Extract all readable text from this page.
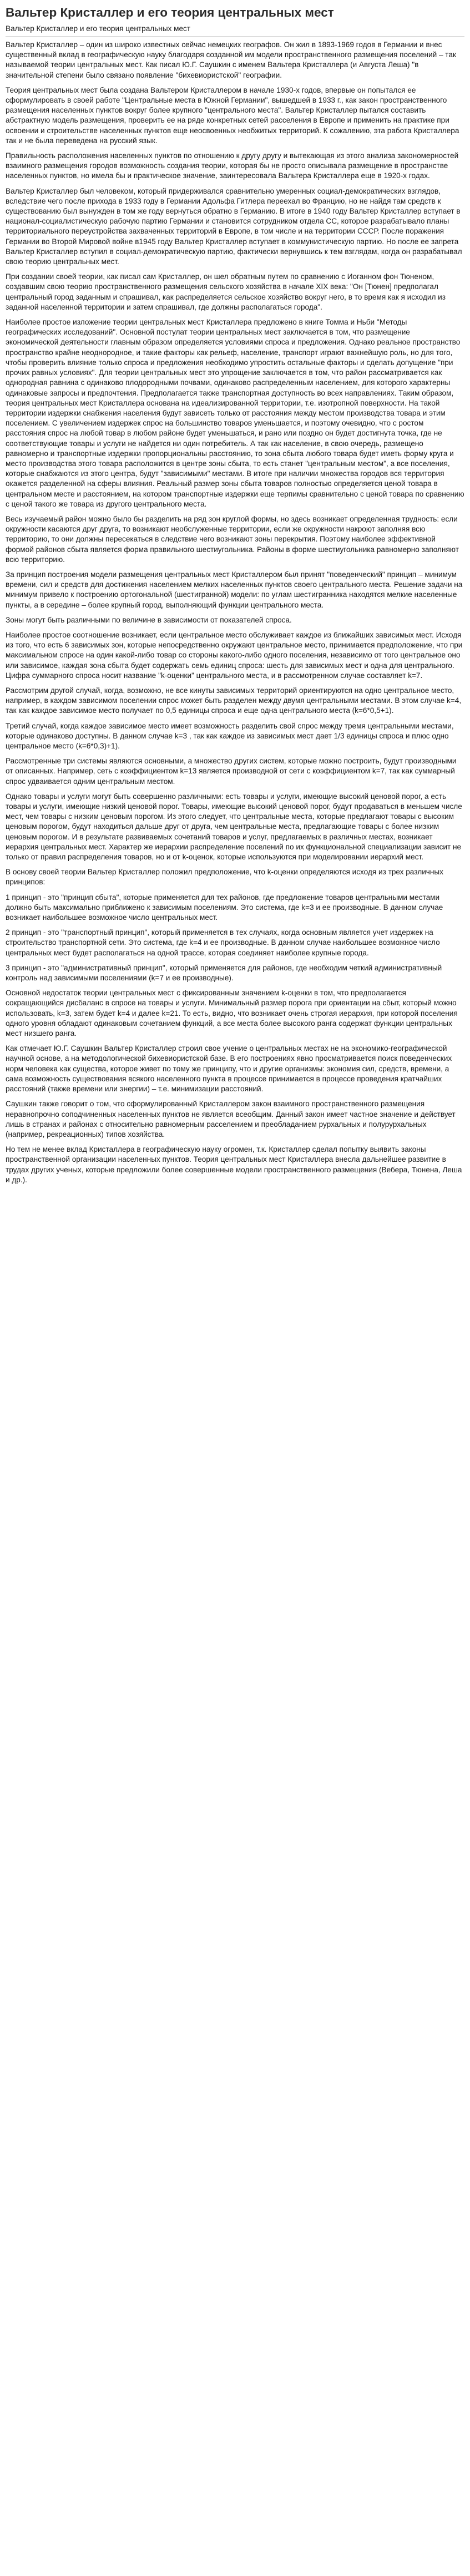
Вальтер Кристаллер и его теория центральных мест
Вальтер Кристаллер и его теория центральных мест

Вальтер Кристаллер – один из широко известных сейчас немецких географов. Он жил в 1893-1969 годов в Германии и внес существенный вклад в географическую науку благодаря созданной им модели пространственного размещения поселений – так называемой теории центральных мест. Как писал Ю.Г. Саушкин с именем Вальтера Кристаллера (и Августа Леша) "в значительной степени было связано появление "бихевиористской" географии.

Теория центральных мест была создана Вальтером Кристаллером в начале 1930-х годов, впервые он попытался ее сформулировать в своей работе "Центральные места в Южной Германии", вышедшей в 1933 г., как закон пространственного размещения населенных пунктов вокруг более крупного "центрального места". Вальтер Кристаллер пытался составить абстрактную модель размещения, проверить ее на ряде конкретных сетей расселения в Европе и применить на практике при освоении и строительстве населенных пунктов еще неосвоенных необжитых территорий. К сожалению, эта работа Кристаллера так и не была переведена на русский язык.

Правильность расположения населенных пунктов по отношению к другу другу и вытекающая из этого анализа закономерностей взаимного размещения городов возможность создания теории, которая бы не просто описывала размещение в пространстве населенных пунктов, но имела бы и практическое значение, заинтересовала Вальтера Кристаллера еще в 1920-х годах.

Вальтер Кристаллер был человеком, который придерживался сравнительно умеренных социал-демократических взглядов, вследствие чего после прихода в 1933 году в Германии Адольфа Гитлера переехал во Францию, но не найдя там средств к существованию был вынужден в том же году вернуться обратно в Германию. В итоге в 1940 году Вальтер Кристаллер вступает в национал-социалистическую рабочую партию Германии и становится сотрудником отдела СС, которое разрабатывало планы территориального переустройства захваченных территорий в Европе, в том числе и на территории СССР. После поражения Германии во Второй Мировой войне в1945 году Вальтер Кристаллер вступает в коммунистическую партию. Но после ее запрета Вальтер Кристаллер вступил в социал-демократическую партию, фактически вернувшись к тем взглядам, когда он разрабатывал свою теорию центральных мест.

При создании своей теории, как писал сам Кристаллер, он шел обратным путем по сравнению с Иоганном фон Тюненом, создавшим свою теорию пространственного размещения сельского хозяйства в начале XIX века: "Он [Тюнен] предполагал центральный город заданным и спрашивал, как распределяется сельское хозяйство вокруг него, в то время как я исходил из заданной населенной территории и затем спрашивал, где должны располагаться города".

Наиболее простое изложение теории центральных мест Кристаллера предложено в книге Томма и Ньби "Методы географических исследований". Основной постулат теории центральных мест заключается в том, что размещение экономической деятельности главным образом определяется условиями спроса и предложения. Однако реальное пространство пространство крайне неоднородное, и такие факторы как рельеф, население, транспорт играют важнейшую роль, но для того, чтобы проверить влияние только спроса и предложения необходимо упростить остальные факторы и сделать допущение "при прочих равных условиях". Для теории центральных мест это упрощение заключается в том, что район рассматривается как однородная равнина с одинаково плодородными почвами, одинаково распределенным населением, для которого характерны одинаковые запросы и предпочтения. Предполагается также транспортная доступность во всех направлениях. Таким образом, теория центральных мест Кристаллера основана на идеализированной территории, т.е. изотропной поверхности. На такой территории издержки снабжения населения будут зависеть только от расстояния между местом производства товара и этим поселением. С увеличением издержек спрос на большинство товаров уменьшается, и поэтому очевидно, что с ростом расстояния спрос на любой товар в любом районе будет уменьшаться, и рано или поздно он будет достигнута точка, где не соответствующие товары и услуги не найдется ни один потребитель. А так как население, в свою очередь, размещено равномерно и транспортные издержки пропорциональны расстоянию, то зона сбыта любого товара будет иметь форму круга и место производства этого товара расположится в центре зоны сбыта, то есть станет "центральным местом", а все поселения, которые снабжаются из этого центра, будут "зависимыми" местами. В итоге при наличии множества городов вся территория окажется разделенной на сферы влияния. Реальный размер зоны сбыта товаров полностью определяется ценой товара в центральном месте и расстоянием, на котором транспортные издержки еще терпимы сравнительно с ценой товара по сравнению с ценой такого же товара из другого центрального места.

Весь изучаемый район можно было бы разделить на ряд зон круглой формы, но здесь возникает определенная трудность: если окружности касаются друг друга, то возникают необслуженные территории, если же окружности накроют заполняя всю территорию, то они должны пересекаться в следствие чего возникают зоны перекрытия. Поэтому наиболее эффективной формой районов сбыта является форма правильного шестиугольника. Районы в форме шестиугольника равномерно заполняют всю территорию.

За принцип построения модели размещения центральных мест Кристаллером был принят "поведенческий" принцип – минимум времени, сил и средств для достижения населением мелких населенных пунктов своего центрального места. Решение задачи на минимум привело к построению ортогональной (шестигранной) модели: по углам шестигранника находятся мелкие населенные пункты, а в середине – более крупный город, выполняющий функции центрального места.

Зоны могут быть различными по величине в зависимости от показателей спроса.

Наиболее простое соотношение возникает, если центральное место обслуживает каждое из ближайших зависимых мест. Исходя из того, что есть 6 зависимых зон, которые непосредственно окружают центральное место, принимается предположение, что при максимальном спросе на один какой-либо товар со стороны какого-либо одного поселения, независимо от того центральное оно или зависимое, каждая зона сбыта будет содержать семь единиц спроса: шесть для зависимых мест и одна для центрального. Цифра суммарного спроса носит название "k-оценки" центрального места, и в рассмотренном случае составляет k=7.

Рассмотрим другой случай, когда, возможно, не все кинуты зависимых территорий ориентируются на одно центральное место, например, в каждом зависимом поселении спрос может быть разделен между двумя центральными местами. В этом случае k=4, так как каждое зависимое место получает по 0,5 единицы спроса и еще одна центрального места (k=6*0,5+1).

Третий случай, когда каждое зависимое место имеет возможность разделить свой спрос между тремя центральными местами, которые одинаково доступны. В данном случае k=3 , так как каждое из зависимых мест дает 1/3 единицы спроса и плюс одно центральное место (k=6*0,3)+1).

Рассмотренные три системы являются основными, а множество других систем, которые можно построить, будут производными от описанных. Например, сеть с коэффициентом k=13 является производной от сети с коэффициентом k=7, так как суммарный спрос удваивается одним центральным местом.

Однако товары и услуги могут быть совершенно различными: есть товары и услуги, имеющие высокий ценовой порог, а есть товары и услуги, имеющие низкий ценовой порог. Товары, имеющие высокий ценовой порог, будут продаваться в меньшем числе мест, чем товары с низким ценовым порогом. Из этого следует, что центральные места, которые предлагают товары с высоким ценовым порогом, будут находиться дальше друг от друга, чем центральные места, предлагающие товары с более низким ценовым порогом. И в результате развиваемых сочетаний товаров и услуг, предлагаемых в различных местах, возникает иерархия центральных мест. Характер же иерархии распределение поселений по их функциональной специализации зависит не только от правил распределения товаров, но и от k-оценок, которые используются при моделировании иерархий мест.

В основу своей теории Вальтер Кристаллер положил предположение, что k-оценки определяются исходя из трех различных принципов:

1 принцип - это "принцип сбыта", которые применяется для тех районов, где предложение товаров центральными местами должно быть максимально приближено к зависимым поселениям. Это система, где k=3 и ее производные. В данном случае возникает наибольшее возможное число центральных мест.

2 принцип - это "транспортный принцип", который применяется в тех случаях, когда основным является учет издержек на строительство транспортной сети. Это система, где k=4 и ее производные. В данном случае наибольшее возможное число центральных мест будет располагаться на одной трассе, которая соединяет наиболее крупные города.

3 принцип - это "административный принцип", который применяется для районов, где необходим четкий административный контроль над зависимыми поселениями (k=7 и ее производные).

Основной недостаток теории центральных мест с фиксированным значением k-оценки в том, что предполагается сокращающийся дисбаланс в спросе на товары и услуги. Минимальный размер порога при ориентации на сбыт, который можно использовать, k=3, затем будет k=4 и далее k=21. То есть, видно, что возникает очень строгая иерархия, при которой поселения одного уровня обладают одинаковым сочетанием функций, а все места более высокого ранга содержат функции центральных мест низшего ранга.

Как отмечает Ю.Г. Саушкин Вальтер Кристаллер строил свое учение о центральных местах не на экономико-географической научной основе, а на методологической бихевиористской базе. В его построениях явно просматривается поиск поведенческих норм человека как существа, которое живет по тому же принципу, что и другие организмы: экономия сил, средств, времени, а сама возможность существования всякого населенного пункта в процессе принимается в процессе проведения кратчайших расстояний (также времени или энергии) – т.е. минимизации расстояний.

Саушкин также говорит о том, что сформулированный Кристаллером закон взаимного пространственного размещения неравнопрочно соподчиненных населенных пунктов не является всеобщим. Данный закон имеет частное значение и действует лишь в странах и районах с относительно равномерным расселением и преобладанием рурхальных и полурурхальных (например, рекреационных) типов хозяйства.

Но тем не менее вклад Кристаллера в географическую науку огромен, т.к. Кристаллер сделал попытку выявить законы пространственной организации населенных пунктов. Теория центральных мест Кристаллера внесла дальнейшее развитие в трудах других ученых, которые предложили более совершенные модели пространственного размещения (Вебера, Тюнена, Леша и др.).
